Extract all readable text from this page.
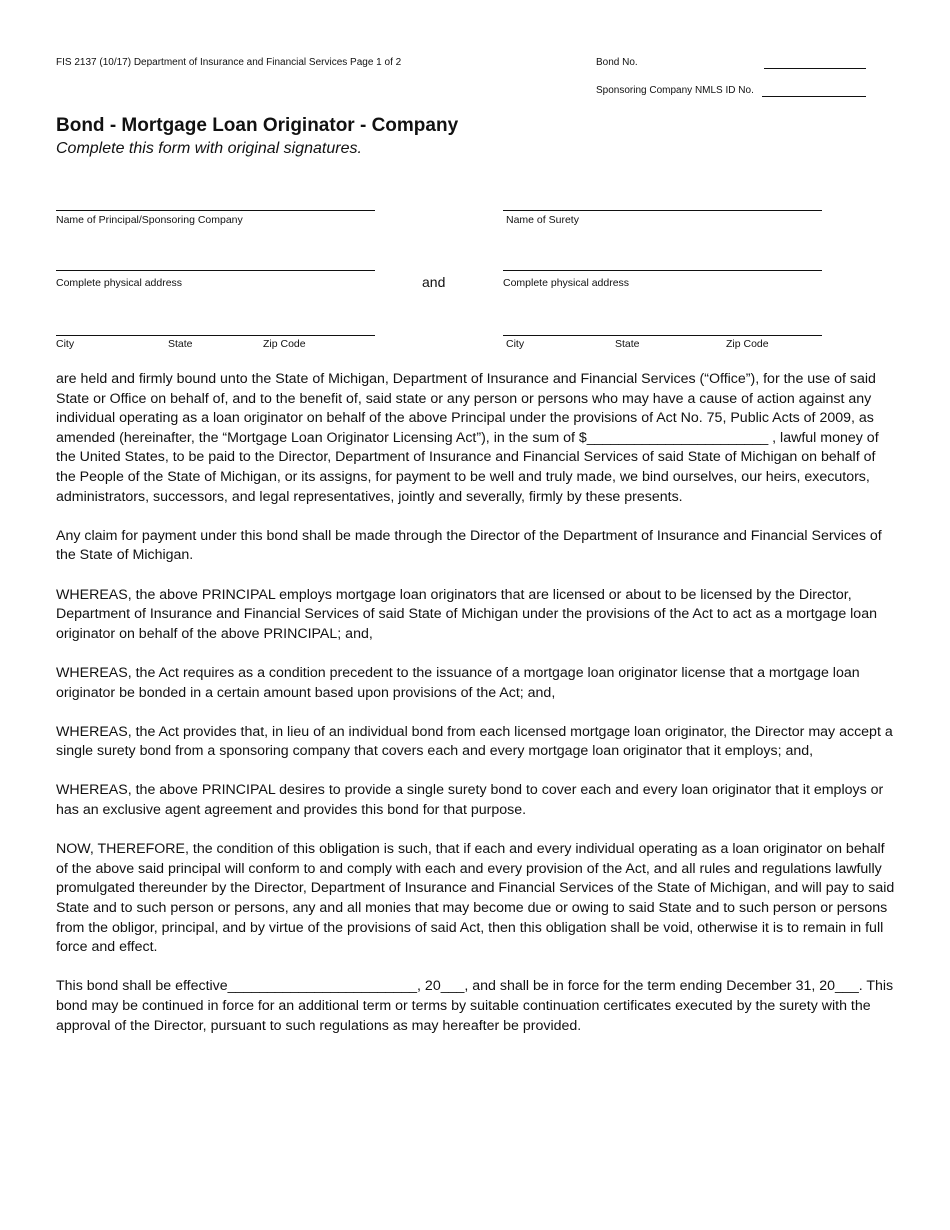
FIS 2137 (10/17) Department of Insurance and Financial Services Page 1 of 2	Bond No.
Sponsoring Company NMLS ID No.
Bond - Mortgage Loan Originator - Company
Complete this form with original signatures.
Name of Principal/Sponsoring Company
Complete physical address
City	State	Zip Code
and
Name of Surety
Complete physical address
City	State	Zip Code

are held and firmly bound unto the State of Michigan, Department of Insurance and Financial Services (“Office”), for the use of said State or Office on behalf of, and to the benefit of, said state or any person or persons who may have a cause of action against any individual operating as a loan originator on behalf of the above Principal under the provisions of Act No. 75, Public Acts of 2009, as amended (hereinafter, the “Mortgage Loan Originator Licensing Act”), in the sum of $_______________________ , lawful money of the United States, to be paid to the Director, Department of Insurance and Financial Services of said State of Michigan on behalf of the People of the State of Michigan, or its assigns, for payment to be well and truly made, we bind ourselves, our heirs, executors, administrators, successors, and legal representatives, jointly and severally, firmly by these presents.

Any claim for payment under this bond shall be made through the Director of the Department of Insurance and Financial Services of the State of Michigan.

WHEREAS, the above PRINCIPAL employs mortgage loan originators that are licensed or about to be licensed by the Director, Department of Insurance and Financial Services of said State of Michigan under the provisions of the Act to act as a mortgage loan originator on behalf of the above PRINCIPAL; and,

WHEREAS, the Act requires as a condition precedent to the issuance of a mortgage loan originator license that a mortgage loan originator be bonded in a certain amount based upon provisions of the Act; and,

WHEREAS, the Act provides that, in lieu of an individual bond from each licensed mortgage loan originator, the Director may accept a single surety bond from a sponsoring company that covers each and every mortgage loan originator that it employs; and,

WHEREAS, the above PRINCIPAL desires to provide a single surety bond to cover each and every loan originator that it employs or has an exclusive agent agreement and provides this bond for that purpose.

NOW, THEREFORE, the condition of this obligation is such, that if each and every individual operating as a loan originator on behalf of the above said principal will conform to and comply with each and every provision of the Act, and all rules and regulations lawfully promulgated thereunder by the Director, Department of Insurance and Financial Services of the State of Michigan, and will pay to said State and to such person or persons, any and all monies that may become due or owing to said State and to such person or persons from the obligor, principal, and by virtue of the provisions of said Act, then this obligation shall be void, otherwise it is to remain in full force and effect.

This bond shall be effective________________________, 20___, and shall be in force for the term ending December 31, 20___. This bond may be continued in force for an additional term or terms by suitable continuation certificates executed by the surety with the approval of the Director, pursuant to such regulations as may hereafter be provided.
